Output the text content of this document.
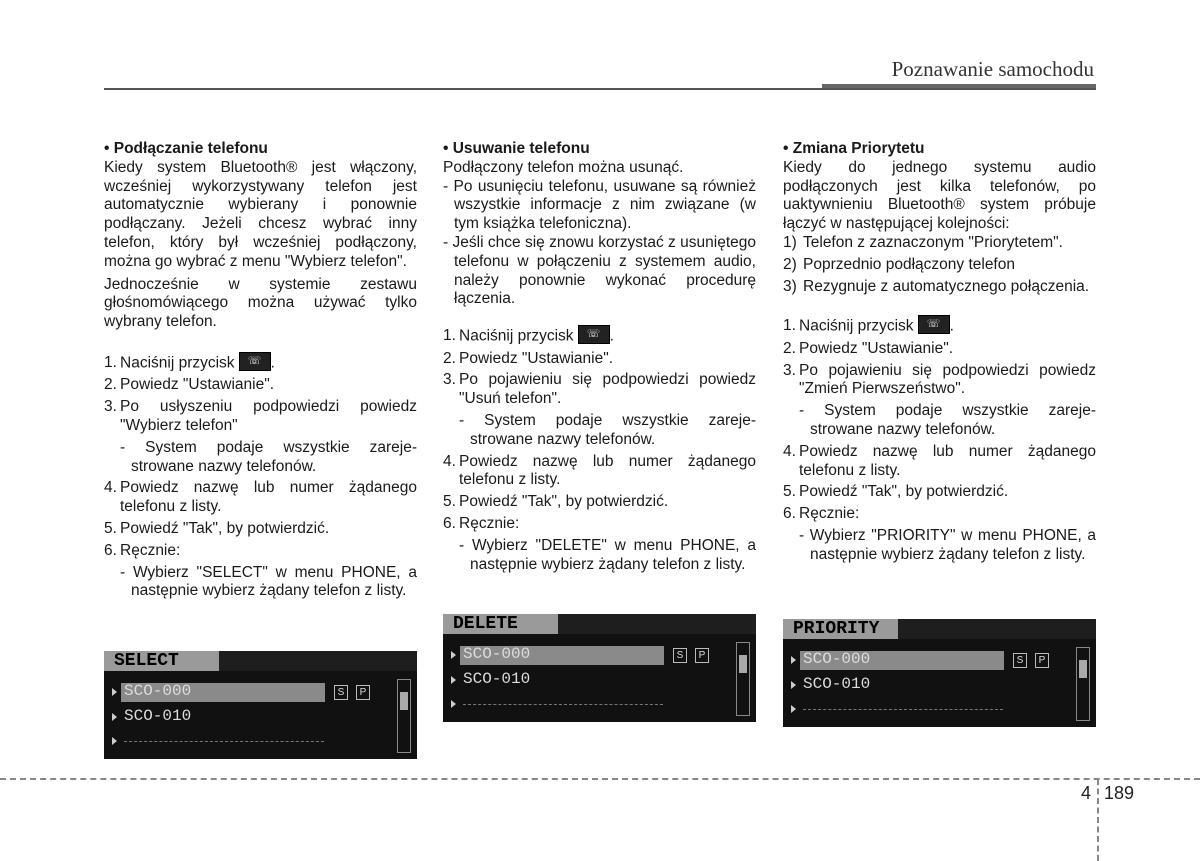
Poznawanie samochodu
• Podłączanie telefonu

Kiedy system Bluetooth® jest włączony, wcześniej wykorzystywany telefon jest automatycznie wybierany i ponownie podłączany. Jeżeli chcesz wybrać inny telefon, który był wcześniej podłączony, można go wybrać z menu "Wybierz telefon".

Jednocześnie w systemie zestawu głośnomówiącego można używać tylko wybrany telefon.

1. Naciśnij przycisk	☏ .
2. Powiedz "Ustawianie".
3. Po usłyszeniu podpowiedzi powiedz "Wybierz telefon"

- System podaje wszystkie zareje- strowane nazwy telefonów.

4. Powiedz nazwę lub numer żądanego telefonu z listy.
5. Powiedź "Tak", by potwierdzić.
6. Ręcznie:

- Wybierz "SELECT" w menu PHONE, a następnie wybierz żądany telefon z listy.

SELECT
SCO-000	S	P
SCO-010
• Usuwanie telefonu

Podłączony telefon można usunąć.

- Po usunięciu telefonu, usuwane są również wszystkie informacje z nim związane (w tym książka telefoniczna).

- Jeśli chce się znowu korzystać z usuniętego telefonu w połączeniu z systemem audio, należy ponownie wykonać procedurę łączenia.

1. Naciśnij przycisk	☏ .
2. Powiedz "Ustawianie".
3. Po pojawieniu się podpowiedzi powiedz "Usuń telefon".

- System podaje wszystkie zareje- strowane nazwy telefonów.

4. Powiedz nazwę lub numer żądanego telefonu z listy.
5. Powiedź "Tak", by potwierdzić.
6. Ręcznie:

- Wybierz "DELETE" w menu PHONE, a następnie wybierz żądany telefon z listy.

DELETE
SCO-000	S	P
SCO-010
• Zmiana Priorytetu

Kiedy do jednego systemu audio podłączonych jest kilka telefonów, po uaktywnieniu Bluetooth® system próbuje łączyć w następującej kolejności:

1) Telefon z zaznaczonym "Priorytetem".
2) Poprzednio podłączony telefon
3) Rezygnuje z automatycznego połączenia.
1. Naciśnij przycisk	☏ .
2. Powiedz "Ustawianie".
3. Po pojawieniu się podpowiedzi powiedz "Zmień Pierwszeństwo".

- System podaje wszystkie zareje- strowane nazwy telefonów.

4. Powiedz nazwę lub numer żądanego telefonu z listy.
5. Powiedź "Tak", by potwierdzić.
6. Ręcznie:

- Wybierz "PRIORITY" w menu PHONE, a następnie wybierz żądany telefon z listy.

PRIORITY
SCO-000	S	P
SCO-010
4 189
